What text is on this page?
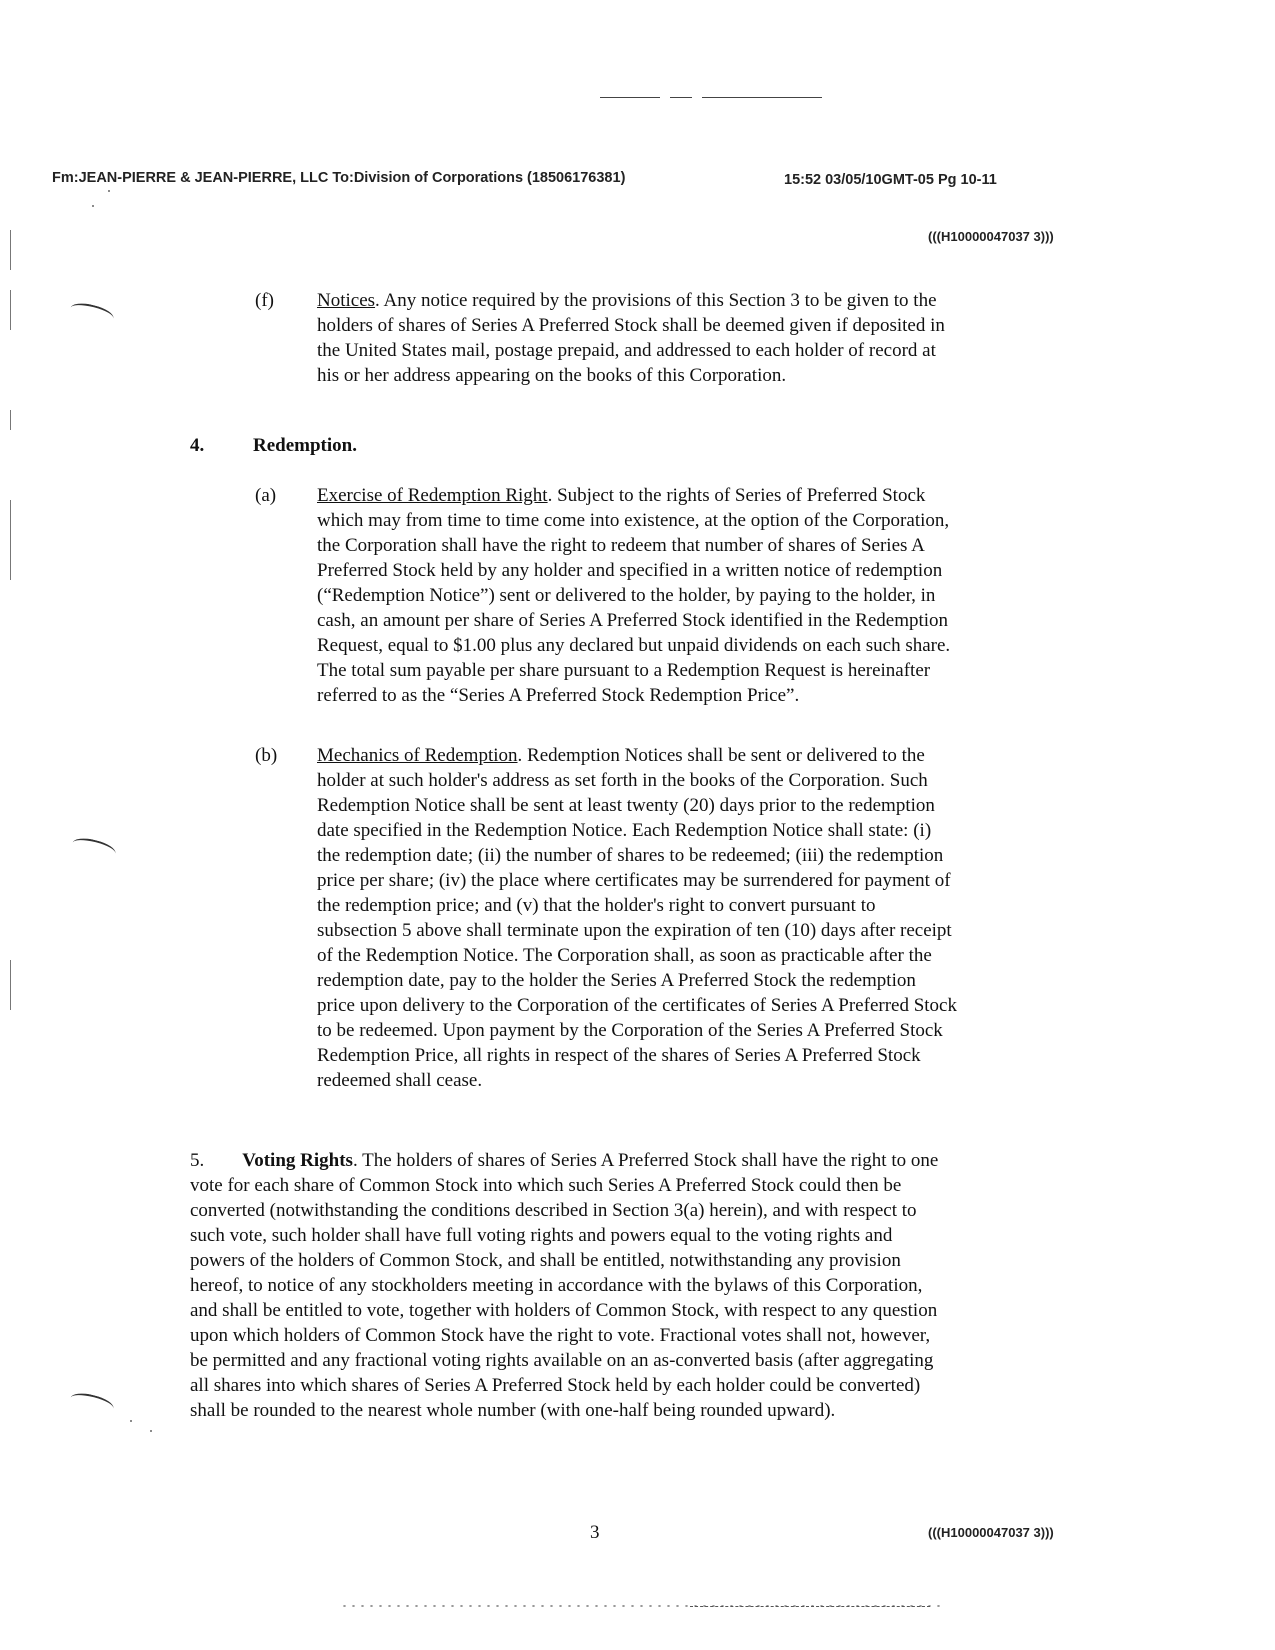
Fm:JEAN-PIERRE & JEAN-PIERRE, LLC To:Division of Corporations (18506176381)	15:52 03/05/10GMT-05 Pg 10-11
(((H10000047037 3)))
(f) Notices. Any notice required by the provisions of this Section 3 to be given to the holders of shares of Series A Preferred Stock shall be deemed given if deposited in the United States mail, postage prepaid, and addressed to each holder of record at his or her address appearing on the books of this Corporation.

4.	Redemption.
(a) Exercise of Redemption Right. Subject to the rights of Series of Preferred Stock which may from time to time come into existence, at the option of the Corporation, the Corporation shall have the right to redeem that number of shares of Series A Preferred Stock held by any holder and specified in a written notice of redemption (“Redemption Notice”) sent or delivered to the holder, by paying to the holder, in cash, an amount per share of Series A Preferred Stock identified in the Redemption Request, equal to $1.00 plus any declared but unpaid dividends on each such share. The total sum payable per share pursuant to a Redemption Request is hereinafter referred to as the “Series A Preferred Stock Redemption Price”.

(b) Mechanics of Redemption. Redemption Notices shall be sent or delivered to the holder at such holder's address as set forth in the books of the Corporation. Such Redemption Notice shall be sent at least twenty (20) days prior to the redemption date specified in the Redemption Notice. Each Redemption Notice shall state: (i) the redemption date; (ii) the number of shares to be redeemed; (iii) the redemption price per share; (iv) the place where certificates may be surrendered for payment of the redemption price; and (v) that the holder's right to convert pursuant to subsection 5 above shall terminate upon the expiration of ten (10) days after receipt of the Redemption Notice. The Corporation shall, as soon as practicable after the redemption date, pay to the holder the Series A Preferred Stock the redemption price upon delivery to the Corporation of the certificates of Series A Preferred Stock to be redeemed. Upon payment by the Corporation of the Series A Preferred Stock Redemption Price, all rights in respect of the shares of Series A Preferred Stock redeemed shall cease.

5. Voting Rights. The holders of shares of Series A Preferred Stock shall have the right to one vote for each share of Common Stock into which such Series A Preferred Stock could then be converted (notwithstanding the conditions described in Section 3(a) herein), and with respect to such vote, such holder shall have full voting rights and powers equal to the voting rights and powers of the holders of Common Stock, and shall be entitled, notwithstanding any provision hereof, to notice of any stockholders meeting in accordance with the bylaws of this Corporation, and shall be entitled to vote, together with holders of Common Stock, with respect to any question upon which holders of Common Stock have the right to vote. Fractional votes shall not, however, be permitted and any fractional voting rights available on an as-converted basis (after aggregating all shares into which shares of Series A Preferred Stock held by each holder could be converted) shall be rounded to the nearest whole number (with one-half being rounded upward).

3	(((H10000047037 3)))
